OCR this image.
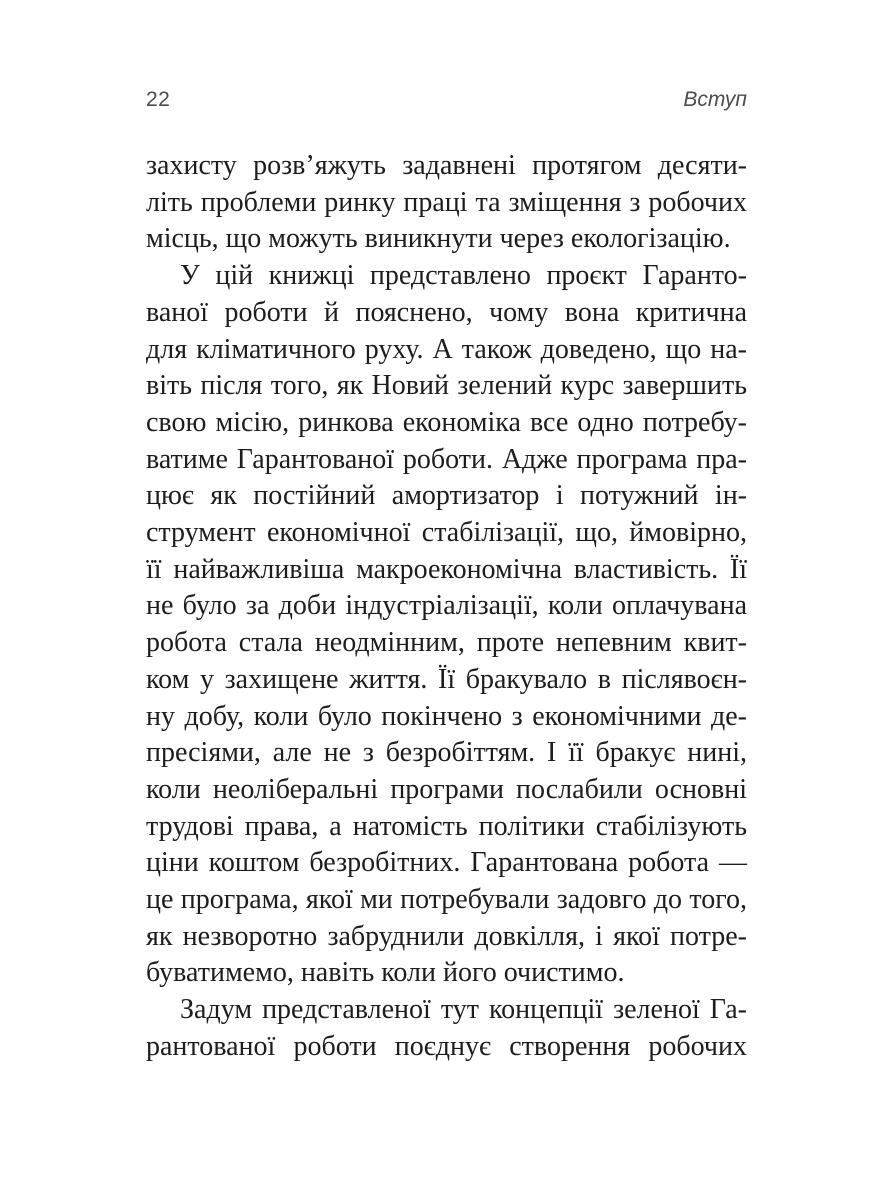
22	Вступ
захисту розв’яжуть задавнені протягом десяти-
літь проблеми ринку праці та зміщення з робочих
місць, що можуть виникнути через екологізацію.
У цій книжці представлено проєкт Гаранто-
ваної роботи й пояснено, чому вона критична
для кліматичного руху. А також доведено, що на-
віть після того, як Новий зелений курс завершить
свою місію, ринкова економіка все одно потребу-
ватиме Гарантованої роботи. Адже програма пра-
цює як постійний амортизатор і потужний ін-
струмент економічної стабілізації, що, ймовірно,
її найважливіша макроекономічна властивість. Її
не було за доби індустріалізації, коли оплачувана
робота стала неодмінним, проте непевним квит-
ком у захищене життя. Її бракувало в післявоєн-
ну добу, коли було покінчено з економічними де-
пресіями, але не з безробіттям. І її бракує нині,
коли неоліберальні програми послабили основні
трудові права, а натомість політики стабілізують
ціни коштом безробітних. Гарантована робота —
це програма, якої ми потребували задовго до того,
як незворотно забруднили довкілля, і якої потре-
буватимемо, навіть коли його очистимо.
Задум представленої тут концепції зеленої Га-
рантованої роботи поєднує створення робочих
